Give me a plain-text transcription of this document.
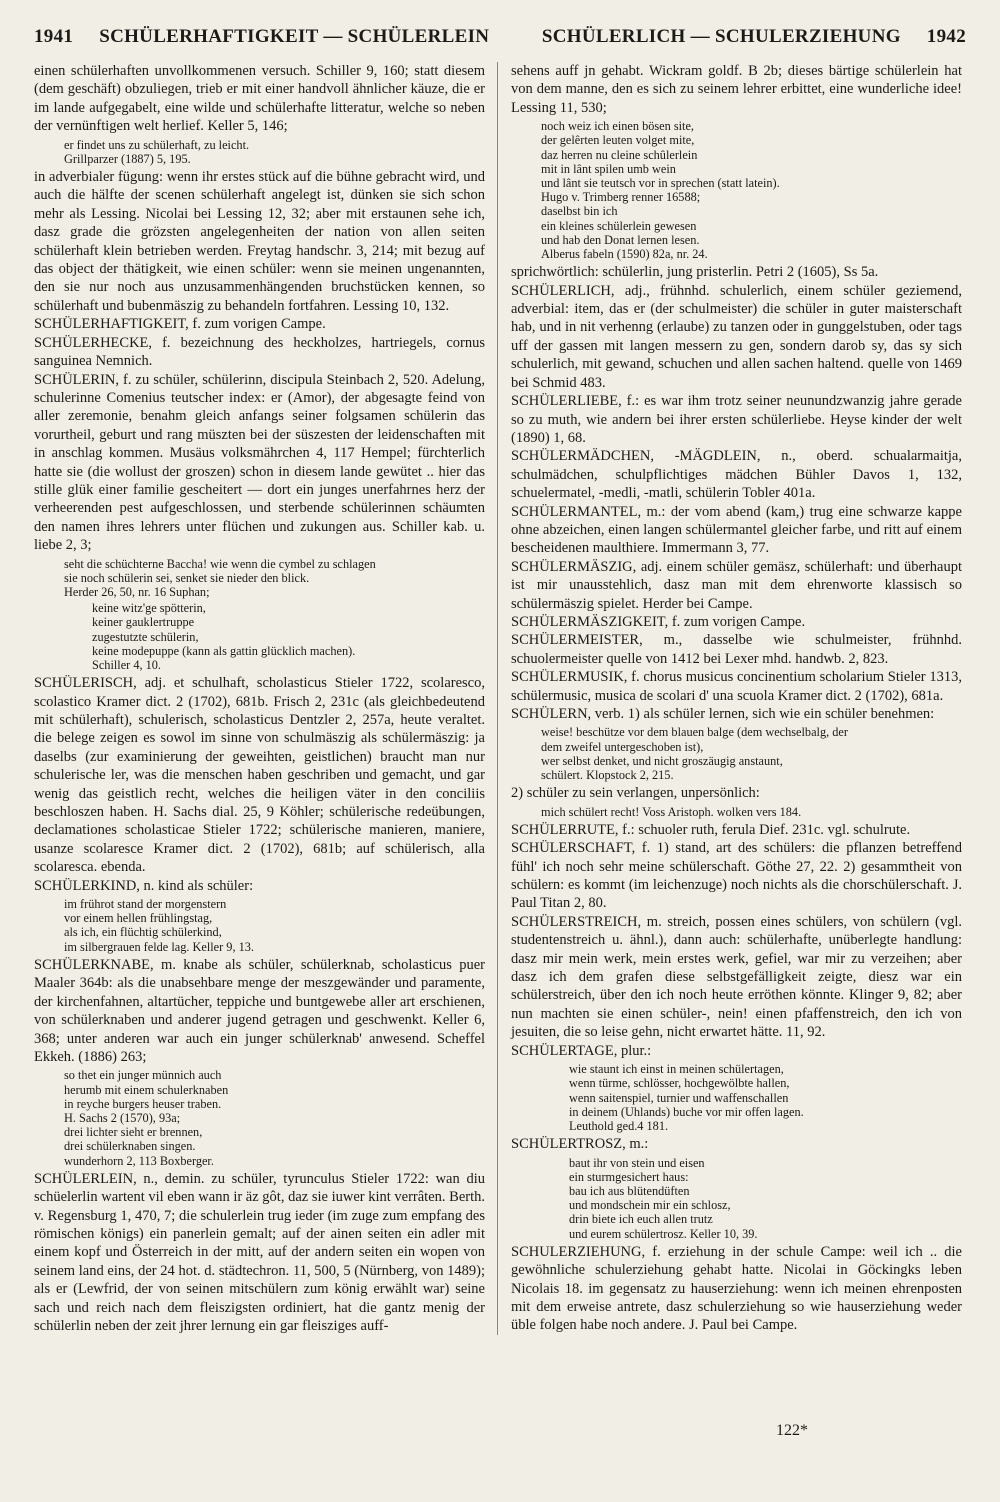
1941 SCHÜLERHAFTIGKEIT — SCHÜLERLEIN	SCHÜLERLICH — SCHULERZIEHUNG 1942

einen schülerhaften unvollkommenen versuch. Schiller 9, 160; statt diesem (dem geschäft) obzuliegen, trieb er mit einer handvoll ähnlicher käuze, die er im lande aufgegabelt, eine wilde und schülerhafte litteratur, welche so neben der vernünftigen welt herlief. Keller 5, 146;

er findet uns zu schülerhaft, zu leicht.
Grillparzer (1887) 5, 195.

in adverbialer fügung: wenn ihr erstes stück auf die bühne gebracht wird, und auch die hälfte der scenen schülerhaft angelegt ist, dünken sie sich schon mehr als Lessing. Nicolai bei Lessing 12, 32; aber mit erstaunen sehe ich, dasz grade die grözsten angelegenheiten der nation von allen seiten schülerhaft klein betrieben werden. Freytag handschr. 3, 214; mit bezug auf das object der thätigkeit, wie einen schüler: wenn sie meinen ungenannten, den sie nur noch aus unzusammenhängenden bruchstücken kennen, so schülerhaft und bubenmäszig zu behandeln fortfahren. Lessing 10, 132.

SCHÜLERHAFTIGKEIT, f. zum vorigen Campe.

SCHÜLERHECKE, f. bezeichnung des heckholzes, hartriegels, cornus sanguinea Nemnich.

SCHÜLERIN, f. zu schüler, schülerinn, discipula Steinbach 2, 520. Adelung, schulerinne Comenius teutscher index: er (Amor), der abgesagte feind von aller zeremonie, benahm gleich anfangs seiner folgsamen schülerin das vorurtheil, geburt und rang müszten bei der süszesten der leidenschaften mit in anschlag kommen. Musäus volksmährchen 4, 117 Hempel; fürchterlich hatte sie (die wollust der groszen) schon in diesem lande gewütet .. hier das stille glük einer familie gescheitert — dort ein junges unerfahrnes herz der verheerenden pest aufgeschlossen, und sterbende schülerinnen schäumten den namen ihres lehrers unter flüchen und zukungen aus. Schiller kab. u. liebe 2, 3;

seht die schüchterne Baccha! wie wenn die cymbel zu schlagen
sie noch schülerin sei, senket sie nieder den blick.
Herder 26, 50, nr. 16 Suphan;
keine witz'ge spötterin,
keiner gauklertruppe
zugestutzte schülerin,
keine modepuppe (kann als gattin glücklich machen).
Schiller 4, 10.

SCHÜLERISCH, adj. et schulhaft, scholasticus Stieler 1722, scolaresco, scolastico Kramer dict. 2 (1702), 681b. Frisch 2, 231c (als gleichbedeutend mit schülerhaft), schulerisch, scholasticus Dentzler 2, 257a, heute veraltet. die belege zeigen es sowol im sinne von schulmäszig als schülermäszig: ja daselbs (zur examinierung der geweihten, geistlichen) braucht man nur schulerische ler, was die menschen haben geschriben und gemacht, und gar wenig das geistlich recht, welches die heiligen väter in den conciliis beschloszen haben. H. Sachs dial. 25, 9 Köhler; schülerische redeübungen, declamationes scholasticae Stieler 1722; schülerische manieren, maniere, usanze scolaresce Kramer dict. 2 (1702), 681b; auf schülerisch, alla scolaresca. ebenda.

SCHÜLERKIND, n. kind als schüler:

im frührot stand der morgenstern
vor einem hellen frühlingstag,
als ich, ein flüchtig schülerkind,
im silbergrauen felde lag. Keller 9, 13.

SCHÜLERKNABE, m. knabe als schüler, schülerknab, scholasticus puer Maaler 364b: als die unabsehbare menge der meszgewänder und paramente, der kirchenfahnen, altartücher, teppiche und buntgewebe aller art erschienen, von schülerknaben und anderer jugend getragen und geschwenkt. Keller 6, 368; unter anderen war auch ein junger schülerknab' anwesend. Scheffel Ekkeh. (1886) 263;

so thet ein junger münnich auch
herumb mit einem schulerknaben
in reyche burgers heuser traben.
H. Sachs 2 (1570), 93a;
drei lichter sieht er brennen,
drei schülerknaben singen.
wunderhorn 2, 113 Boxberger.

SCHÜLERLEIN, n., demin. zu schüler, tyrunculus Stieler 1722: wan diu schüelerlin wartent vil eben wann ir äz gôt, daz sie iuwer kint verrâten. Berth. v. Regensburg 1, 470, 7; die schulerlein trug ieder (im zuge zum empfang des römischen königs) ein panerlein gemalt; auf der ainen seiten ein adler mit einem kopf und Österreich in der mitt, auf der andern seiten ein wopen von seinem land eins, der 24 hot. d. städtechron. 11, 500, 5 (Nürnberg, von 1489); als er (Lewfrid, der von seinen mitschülern zum könig erwählt war) seine sach und reich nach dem fleiszigsten ordiniert, hat die gantz menig der schülerlin neben der zeit jhrer lernung ein gar fleisziges auff-

sehens auff jn gehabt. Wickram goldf. B 2b; dieses bärtige schülerlein hat von dem manne, den es sich zu seinem lehrer erbittet, eine wunderliche idee! Lessing 11, 530;

noch weiz ich einen bösen site,
der gelêrten leuten volget mite,
daz herren nu cleine schûlerlein
mit in lânt spilen umb wein
und lânt sie teutsch vor in sprechen (statt latein).
Hugo v. Trimberg renner 16588;
daselbst bin ich
ein kleines schülerlein gewesen
und hab den Donat lernen lesen.
Alberus fabeln (1590) 82a, nr. 24.

sprichwörtlich: schülerlin, jung pristerlin. Petri 2 (1605), Ss 5a.

SCHÜLERLICH, adj., frühnhd. schulerlich, einem schüler geziemend, adverbial: item, das er (der schulmeister) die schüler in guter maisterschaft hab, und in nit verhenng (erlaube) zu tanzen oder in gunggelstuben, oder tags uff der gassen mit langen messern zu gen, sondern darob sy, das sy sich schulerlich, mit gewand, schuchen und allen sachen haltend. quelle von 1469 bei Schmid 483.

SCHÜLERLIEBE, f.: es war ihm trotz seiner neunundzwanzig jahre gerade so zu muth, wie andern bei ihrer ersten schülerliebe. Heyse kinder der welt (1890) 1, 68.

SCHÜLERMÄDCHEN, -MÄGDLEIN, n., oberd. schualarmaitja, schulmädchen, schulpflichtiges mädchen Bühler Davos 1, 132, schuelermatel, -medli, -matli, schülerin Tobler 401a.

SCHÜLERMANTEL, m.: der vom abend (kam,) trug eine schwarze kappe ohne abzeichen, einen langen schülermantel gleicher farbe, und ritt auf einem bescheidenen maulthiere. Immermann 3, 77.

SCHÜLERMÄSZIG, adj. einem schüler gemäsz, schülerhaft: und überhaupt ist mir unausstehlich, dasz man mit dem ehrenworte klassisch so schülermäszig spielet. Herder bei Campe.

SCHÜLERMÄSZIGKEIT, f. zum vorigen Campe.

SCHÜLERMEISTER, m., dasselbe wie schulmeister, frühnhd. schuolermeister quelle von 1412 bei Lexer mhd. handwb. 2, 823.

SCHÜLERMUSIK, f. chorus musicus concinentium scholarium Stieler 1313, schülermusic, musica de scolari d' una scuola Kramer dict. 2 (1702), 681a.

SCHÜLERN, verb. 1) als schüler lernen, sich wie ein schüler benehmen:

weise! beschütze vor dem blauen balge (dem wechselbalg, der
dem zweifel untergeschoben ist),
wer selbst denket, und nicht groszäugig anstaunt,
schülert. Klopstock 2, 215.

2) schüler zu sein verlangen, unpersönlich:

mich schülert recht! Voss Aristoph. wolken vers 184.

SCHÜLERRUTE, f.: schuoler ruth, ferula Dief. 231c. vgl. schulrute.

SCHÜLERSCHAFT, f. 1) stand, art des schülers: die pflanzen betreffend fühl' ich noch sehr meine schülerschaft. Göthe 27, 22. 2) gesammtheit von schülern: es kommt (im leichenzuge) noch nichts als die chorschülerschaft. J. Paul Titan 2, 80.

SCHÜLERSTREICH, m. streich, possen eines schülers, von schülern (vgl. studentenstreich u. ähnl.), dann auch: schülerhafte, unüberlegte handlung: dasz mir mein werk, mein erstes werk, gefiel, war mir zu verzeihen; aber dasz ich dem grafen diese selbstgefälligkeit zeigte, diesz war ein schülerstreich, über den ich noch heute erröthen könnte. Klinger 9, 82; aber nun machten sie einen schüler-, nein! einen pfaffenstreich, den ich von jesuiten, die so leise gehn, nicht erwartet hätte. 11, 92.

SCHÜLERTAGE, plur.:

wie staunt ich einst in meinen schülertagen,
wenn türme, schlösser, hochgewölbte hallen,
wenn saitenspiel, turnier und waffenschallen
in deinem (Uhlands) buche vor mir offen lagen.
Leuthold ged.4 181.

SCHÜLERTROSZ, m.:

baut ihr von stein und eisen
ein sturmgesichert haus:
bau ich aus blütendüften
und mondschein mir ein schlosz,
drin biete ich euch allen trutz
und eurem schülertrosz. Keller 10, 39.

SCHULERZIEHUNG, f. erziehung in der schule Campe: weil ich .. die gewöhnliche schulerziehung gehabt hatte. Nicolai in Göckingks leben Nicolais 18. im gegensatz zu hauserziehung: wenn ich meinen ehrenposten mit dem erweise antrete, dasz schulerziehung so wie hauserziehung weder üble folgen habe noch andere. J. Paul bei Campe.

122*
